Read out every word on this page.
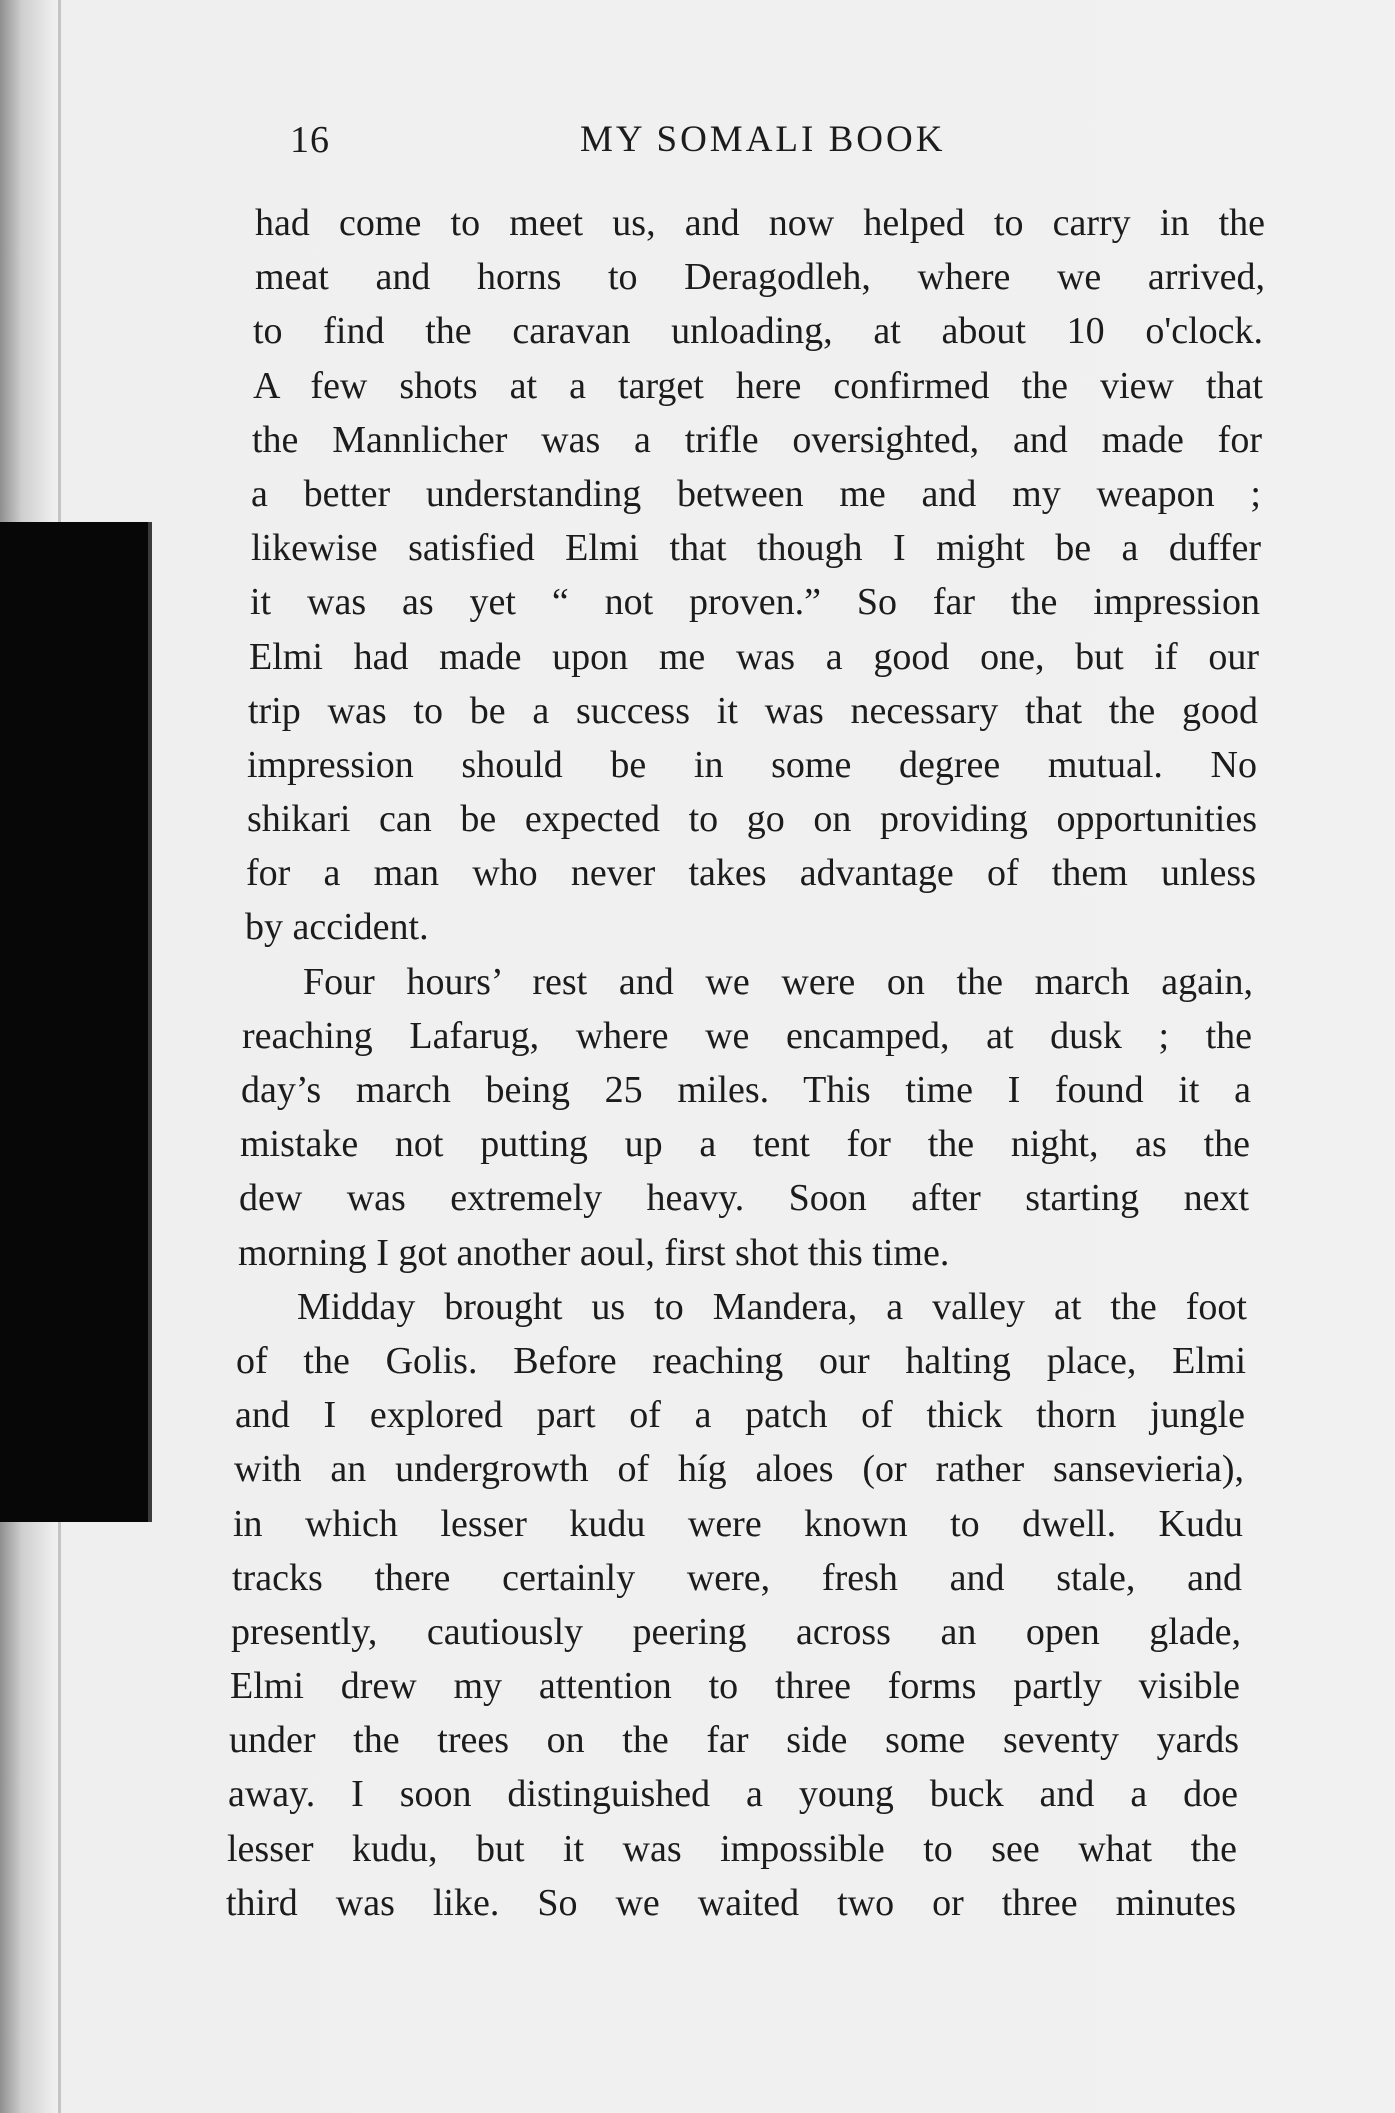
16	MY SOMALI BOOK
had come to meet us, and now helped to carry in the
meat and horns to Deragodleh, where we arrived,
to find the caravan unloading, at about 10 o'clock.
A few shots at a target here confirmed the view that
the Mannlicher was a trifle oversighted, and made for
a better understanding between me and my weapon ;
likewise satisfied Elmi that though I might be a duffer
it was as yet “ not proven.” So far the impression
Elmi had made upon me was a good one, but if our
trip was to be a success it was necessary that the good
impression should be in some degree mutual. No
shikari can be expected to go on providing opportunities
for a man who never takes advantage of them unless
by accident.
Four hours’ rest and we were on the march again,
reaching Lafarug, where we encamped, at dusk ; the
day’s march being 25 miles. This time I found it a
mistake not putting up a tent for the night, as the
dew was extremely heavy. Soon after starting next
morning I got another aoul, first shot this time.
Midday brought us to Mandera, a valley at the foot
of the Golis. Before reaching our halting place, Elmi
and I explored part of a patch of thick thorn jungle
with an undergrowth of híg aloes (or rather sansevieria),
in which lesser kudu were known to dwell. Kudu
tracks there certainly were, fresh and stale, and
presently, cautiously peering across an open glade,
Elmi drew my attention to three forms partly visible
under the trees on the far side some seventy yards
away. I soon distinguished a young buck and a doe
lesser kudu, but it was impossible to see what the
third was like. So we waited two or three minutes
